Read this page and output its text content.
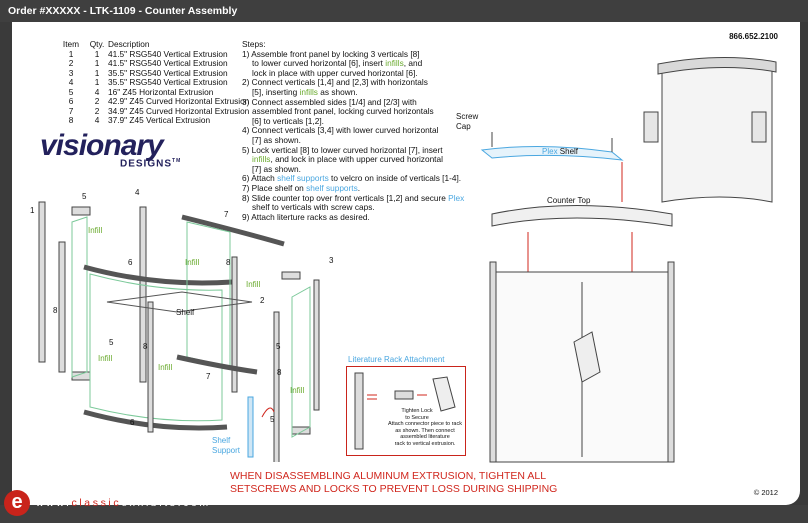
Order #XXXXX - LTK-1109 - Counter Assembly
866.652.2100
Item	Qty.	Description
1	1	41.5" RSG540 Vertical Extrusion
2	1	41.5" RSG540 Vertical Extrusion
3	1	35.5" RSG540 Vertical Extrusion
4	1	35.5" RSG540 Vertical Extrusion
5	4	16" Z45 Horizontal Extrusion
6	2	42.9" Z45 Curved Horizontal Extrusion
7	2	34.9" Z45 Curved Horizontal Extrusion
8	4	37.9" Z45 Vertical Extrusion
Steps:
1) Assemble front panel by locking 3 verticals [8]
to lower curved horizontal [6], insert infills, and
lock in place with upper curved horizontal [6].
2) Connect verticals [1,4] and [2,3] with horizontals
[5], inserting infills as shown.
3) Connect assembled sides [1/4] and [2/3] with
assembled front panel, locking curved horizontals
[6] to verticals [1,2].
4) Connect verticals [3,4] with lower curved horizontal
[7] as shown.
5) Lock vertical [8] to lower curved horizontal [7], insert
infills, and lock in place with upper curved horizontal
[7] as shown.
6) Attach shelf supports to velcro on inside of verticals [1-4].
7) Place shelf on shelf supports.
8) Slide counter top over front verticals [1,2] and secure Plex
shelf to verticals with screw caps.
9) Attach literture racks as desired.
visionary
DESIGNS™
1
5	4
7
Infill
6	Infill	8
Infill
3
8	Shelf
2
5	8	5
Infill
Infill
7	8
Infill
6	5
Shelf
Support
Literature Rack Attachment
Tighten Lock
to Secure
Attach connector piece to rack
as shown. Then connect
assembled literature
rack to vertical extrusion.
Screw
Cap
Plex Shelf
Counter Top
WHEN DISASSEMBLING ALUMINUM EXTRUSION, TIGHTEN ALL
SETSCREWS AND LOCKS TO PREVENT LOSS DURING SHIPPING	© 2012
e	www.classicexhibits.com
